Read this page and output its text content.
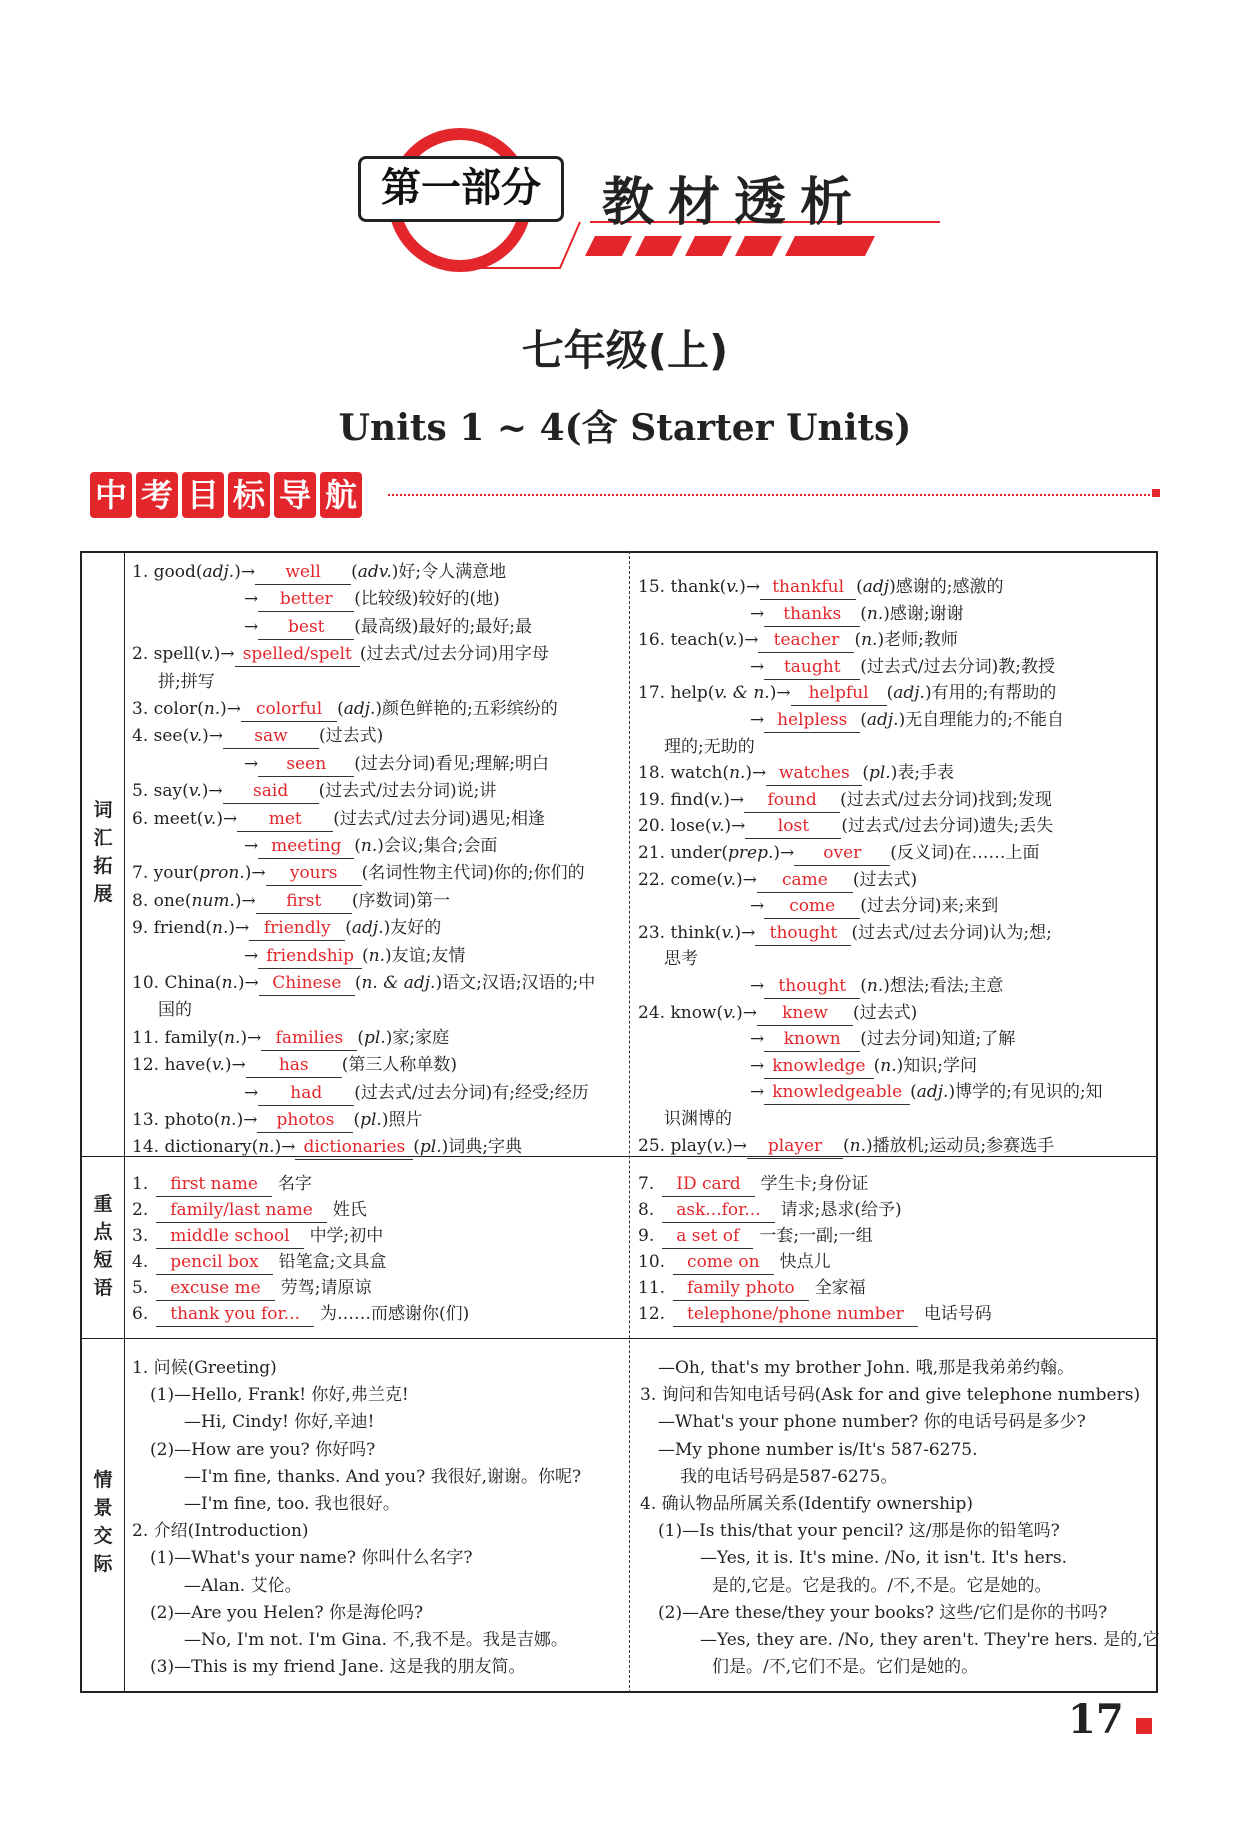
第一部分	教材透析
七年级(上)
Units 1 ~ 4(含 Starter Units)
中 考 目 标 导 航
词汇拓展
重点短语
情景交际
1. good(adj.)→ well (adv.)好;令人满意地
→ better (比较级)较好的(地)
→ best (最高级)最好的;最好;最
2. spell(v.)→ spelled/spelt (过去式/过去分词)用字母
拼;拼写
3. color(n.)→ colorful (adj.)颜色鲜艳的;五彩缤纷的
4. see(v.)→ saw (过去式)
→ seen (过去分词)看见;理解;明白
5. say(v.)→ said (过去式/过去分词)说;讲
6. meet(v.)→ met (过去式/过去分词)遇见;相逢
→ meeting (n.)会议;集合;会面
7. your(pron.)→ yours (名词性物主代词)你的;你们的
8. one(num.)→ first (序数词)第一
9. friend(n.)→ friendly (adj.)友好的
→ friendship (n.)友谊;友情
10. China(n.)→ Chinese (n. & adj.)语文;汉语;汉语的;中
国的
11. family(n.)→ families (pl.)家;家庭
12. have(v.)→ has (第三人称单数)
→ had (过去式/过去分词)有;经受;经历
13. photo(n.)→ photos (pl.)照片
14. dictionary(n.)→ dictionaries (pl.)词典;字典
15. thank(v.)→ thankful (adj)感谢的;感激的
→ thanks (n.)感谢;谢谢
16. teach(v.)→ teacher (n.)老师;教师
→ taught (过去式/过去分词)教;教授
17. help(v. & n.)→ helpful (adj.)有用的;有帮助的
→ helpless (adj.)无自理能力的;不能自
理的;无助的
18. watch(n.)→ watches (pl.)表;手表
19. find(v.)→ found (过去式/过去分词)找到;发现
20. lose(v.)→ lost (过去式/过去分词)遗失;丢失
21. under(prep.)→ over (反义词)在……上面
22. come(v.)→ came (过去式)
→ come (过去分词)来;来到
23. think(v.)→ thought (过去式/过去分词)认为;想;
思考
→ thought (n.)想法;看法;主意
24. know(v.)→ knew (过去式)
→ known (过去分词)知道;了解
→ knowledge (n.)知识;学问
→ knowledgeable (adj.)博学的;有见识的;知
识渊博的
25. play(v.)→ player (n.)播放机;运动员;参赛选手
1. first name 名字
2. family/last name 姓氏
3. middle school 中学;初中
4. pencil box 铅笔盒;文具盒
5. excuse me 劳驾;请原谅
6. thank you for... 为……而感谢你(们)
7. ID card 学生卡;身份证
8. ask...for... 请求;恳求(给予)
9. a set of 一套;一副;一组
10. come on 快点儿
11. family photo 全家福
12. telephone/phone number 电话号码
1. 问候(Greeting)
(1)—Hello, Frank! 你好,弗兰克!
—Hi, Cindy! 你好,辛迪!
(2)—How are you? 你好吗?
—I'm fine, thanks. And you? 我很好,谢谢。你呢?
—I'm fine, too. 我也很好。
2. 介绍(Introduction)
(1)—What's your name? 你叫什么名字?
—Alan. 艾伦。
(2)—Are you Helen? 你是海伦吗?
—No, I'm not. I'm Gina. 不,我不是。我是吉娜。
(3)—This is my friend Jane. 这是我的朋友简。
—Oh, that's my brother John. 哦,那是我弟弟约翰。
3. 询问和告知电话号码(Ask for and give telephone numbers)
—What's your phone number? 你的电话号码是多少?
—My phone number is/It's 587-6275.
我的电话号码是587-6275。
4. 确认物品所属关系(Identify ownership)
(1)—Is this/that your pencil? 这/那是你的铅笔吗?
—Yes, it is. It's mine. /No, it isn't. It's hers.
是的,它是。它是我的。/不,不是。它是她的。
(2)—Are these/they your books? 这些/它们是你的书吗?
—Yes, they are. /No, they aren't. They're hers. 是的,它
们是。/不,它们不是。它们是她的。
17
